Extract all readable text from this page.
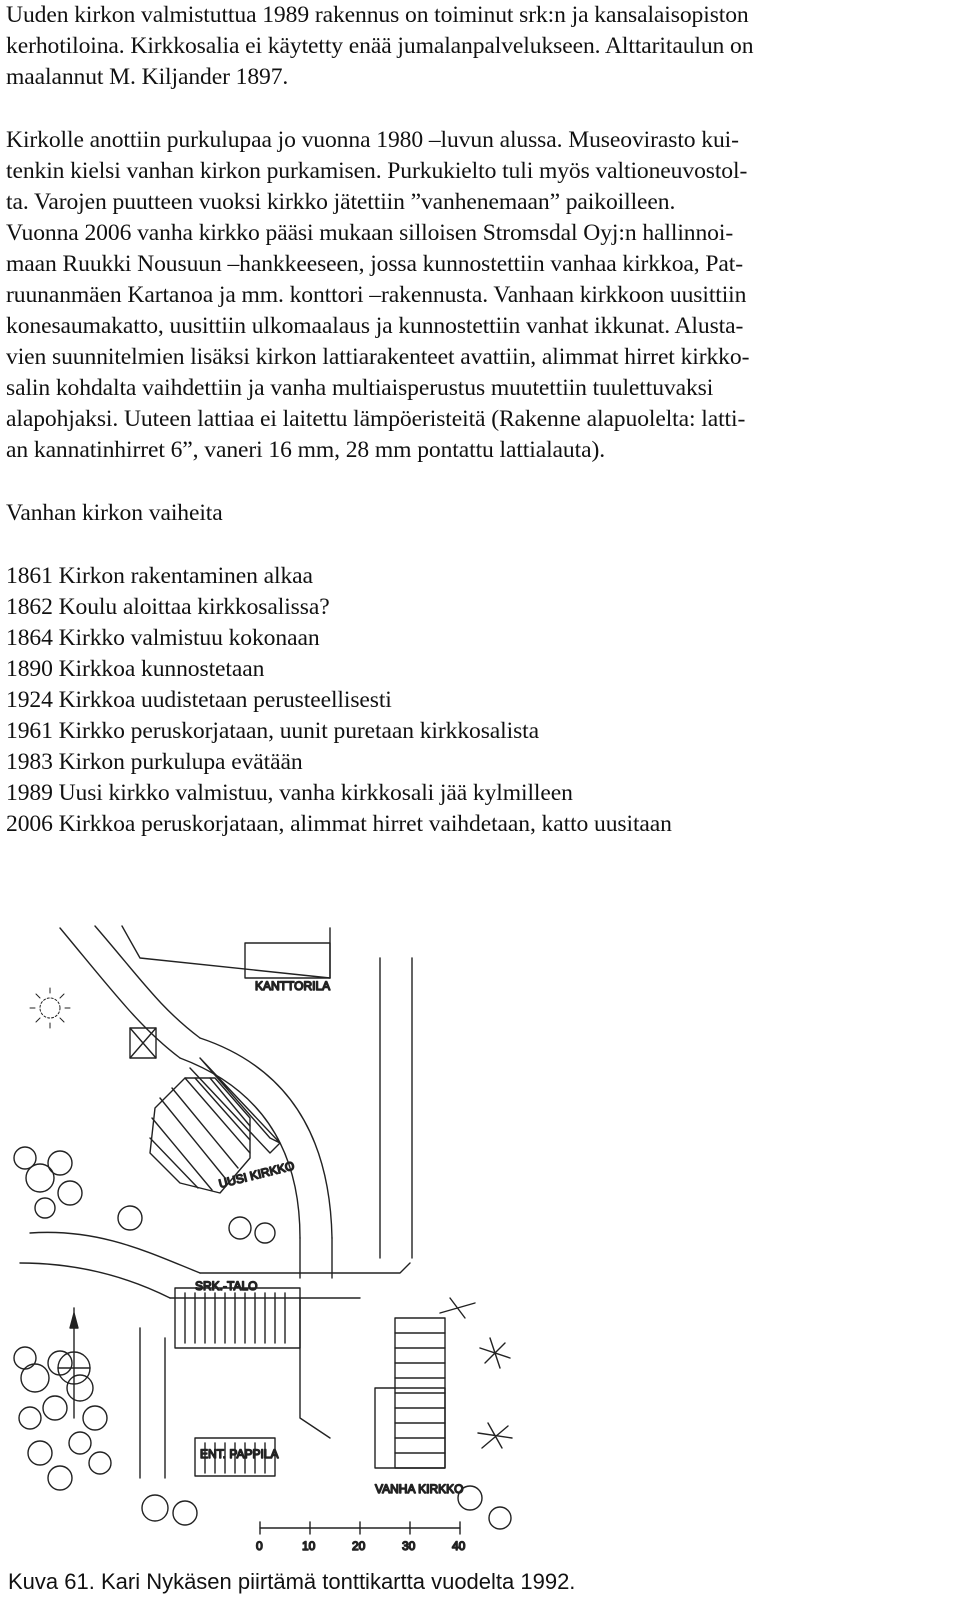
Uuden kirkon valmistuttua 1989 rakennus on toiminut srk:n ja kansalaisopiston
kerhotiloina. Kirkkosalia ei käytetty enää jumalanpalvelukseen. Alttaritaulun on
maalannut M. Kiljander 1897.

Kirkolle anottiin purkulupaa jo vuonna 1980 –luvun alussa. Museovirasto kui-
tenkin kielsi vanhan kirkon purkamisen. Purkukielto tuli myös valtioneuvostol-
ta. Varojen puutteen vuoksi kirkko jätettiin ”vanhenemaan” paikoilleen.
Vuonna 2006 vanha kirkko pääsi mukaan silloisen Stromsdal Oyj:n hallinnoi-
maan Ruukki Nousuun –hankkeeseen, jossa kunnostettiin vanhaa kirkkoa, Pat-
ruunanmäen Kartanoa ja mm. konttori –rakennusta. Vanhaan kirkkoon uusittiin
konesaumakatto, uusittiin ulkomaalaus ja kunnostettiin vanhat ikkunat. Alusta-
vien suunnitelmien lisäksi kirkon lattiarakenteet avattiin, alimmat hirret kirkko-
salin kohdalta vaihdettiin ja vanha multiaisperustus muutettiin tuulettuvaksi
alapohjaksi. Uuteen lattiaa ei laitettu lämpöeristeitä (Rakenne alapuolelta: latti-
an kannatinhirret 6”, vaneri 16 mm, 28 mm pontattu lattialauta).

Vanhan kirkon vaiheita

1861 Kirkon rakentaminen alkaa
1862 Koulu aloittaa kirkkosalissa?
1864 Kirkko valmistuu kokonaan
1890 Kirkkoa kunnostetaan
1924 Kirkkoa uudistetaan perusteellisesti
1961 Kirkko peruskorjataan, uunit puretaan kirkkosalista
1983 Kirkon purkulupa evätään
1989 Uusi kirkko valmistuu, vanha kirkkosali jää kylmilleen
2006 Kirkkoa peruskorjataan, alimmat hirret vaihdetaan, katto uusitaan

UUSI KIRKKO
KANTTORILA
SRK.-TALO
ENT. PAPPILA
VANHA KIRKKO
0	10	20	30	40
Kuva 61. Kari Nykäsen piirtämä tonttikartta vuodelta 1992.
